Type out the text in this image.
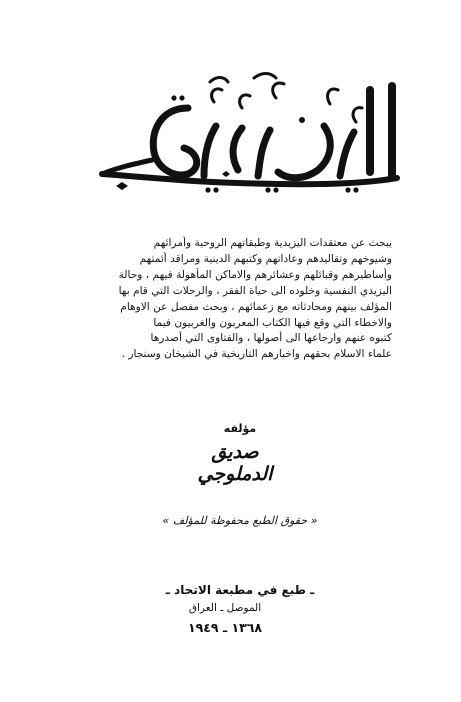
يبحث عن معتقدات اليزيدية وطبقاتهم الروحية وأمرائهم
وشيوخهم وتقاليدهم وعاداتهم وكتبهم الدينية ومراقد أئمتهم
وأساطيرهم وقبائلهم وعشائرهم والاماكن المأهولة فيهم ، وحالة
اليزيدي النفسية وخلوده الى حياة الفقر ، والرحلات التي قام بها
المؤلف بينهم ومحادثاته مع زعمائهم ، وبحث مفصل عن الاوهام
والاخطاء التي وقع فيها الكتاب المعربون والغربيون فيما
كتبوه عنهم وارجاعها الى أصولها ، والفتاوى التي أصدرها
علماء الاسلام بحقهم واخبارهم التاريخية في الشيخان وسنجار .
مؤلفه
صديق الدملوجي
« حقوق الطبع محفوظة للمؤلف »
ـ طبع في مطبعة الاتحاد ـ
الموصل ـ العراق
١٣٦٨ ـ ١٩٤٩
